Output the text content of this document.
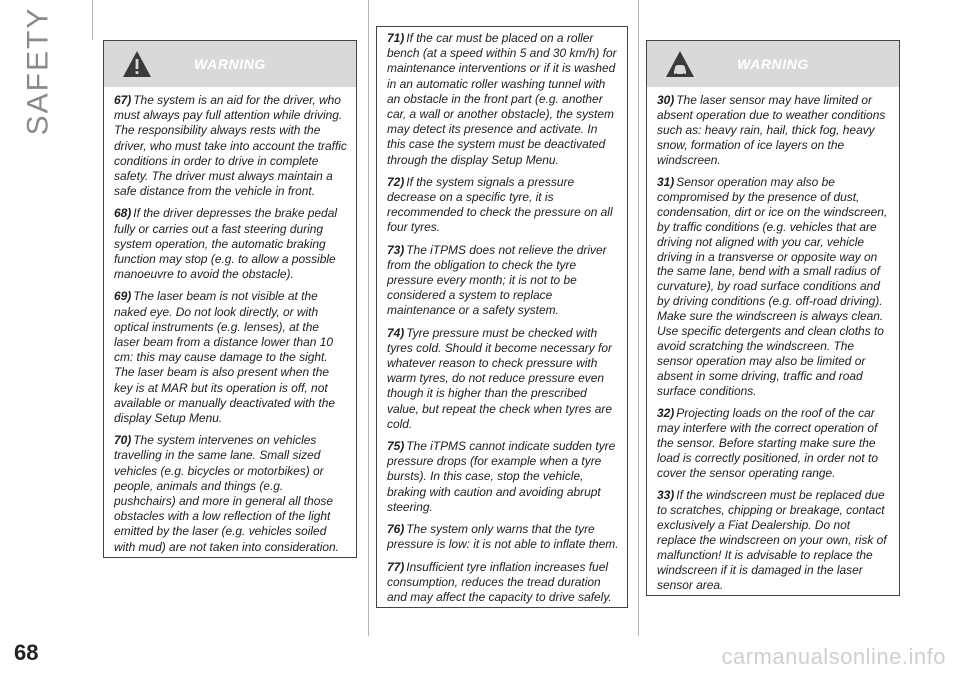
SAFETY	WARNING

67) The system is an aid for the driver, who must always pay full attention while driving. The responsibility always rests with the driver, who must take into account the traffic conditions in order to drive in complete safety. The driver must always maintain a safe distance from the vehicle in front.

68) If the driver depresses the brake pedal fully or carries out a fast steering during system operation, the automatic braking function may stop (e.g. to allow a possible manoeuvre to avoid the obstacle).

69) The laser beam is not visible at the naked eye. Do not look directly, or with optical instruments (e.g. lenses), at the laser beam from a distance lower than 10 cm: this may cause damage to the sight. The laser beam is also present when the key is at MAR but its operation is off, not available or manually deactivated with the display Setup Menu.

70) The system intervenes on vehicles travelling in the same lane. Small sized vehicles (e.g. bicycles or motorbikes) or people, animals and things (e.g. pushchairs) and more in general all those obstacles with a low reflection of the light emitted by the laser (e.g. vehicles soiled with mud) are not taken into consideration.

71) If the car must be placed on a roller bench (at a speed within 5 and 30 km/h) for maintenance interventions or if it is washed in an automatic roller washing tunnel with an obstacle in the front part (e.g. another car, a wall or another obstacle), the system may detect its presence and activate. In this case the system must be deactivated through the display Setup Menu.

72) If the system signals a pressure decrease on a specific tyre, it is recommended to check the pressure on all four tyres.

73) The iTPMS does not relieve the driver from the obligation to check the tyre pressure every month; it is not to be considered a system to replace maintenance or a safety system.

74) Tyre pressure must be checked with tyres cold. Should it become necessary for whatever reason to check pressure with warm tyres, do not reduce pressure even though it is higher than the prescribed value, but repeat the check when tyres are cold.

75) The iTPMS cannot indicate sudden tyre pressure drops (for example when a tyre bursts). In this case, stop the vehicle, braking with caution and avoiding abrupt steering.

76) The system only warns that the tyre pressure is low: it is not able to inflate them.

77) Insufficient tyre inflation increases fuel consumption, reduces the tread duration and may affect the capacity to drive safely.

WARNING

30) The laser sensor may have limited or absent operation due to weather conditions such as: heavy rain, hail, thick fog, heavy snow, formation of ice layers on the windscreen.

31) Sensor operation may also be compromised by the presence of dust, condensation, dirt or ice on the windscreen, by traffic conditions (e.g. vehicles that are driving not aligned with you car, vehicle driving in a transverse or opposite way on the same lane, bend with a small radius of curvature), by road surface conditions and by driving conditions (e.g. off-road driving). Make sure the windscreen is always clean. Use specific detergents and clean cloths to avoid scratching the windscreen. The sensor operation may also be limited or absent in some driving, traffic and road surface conditions.

32) Projecting loads on the roof of the car may interfere with the correct operation of the sensor. Before starting make sure the load is correctly positioned, in order not to cover the sensor operating range.

33) If the windscreen must be replaced due to scratches, chipping or breakage, contact exclusively a Fiat Dealership. Do not replace the windscreen on your own, risk of malfunction! It is advisable to replace the windscreen if it is damaged in the laser sensor area.

68	carmanualsonline.info
